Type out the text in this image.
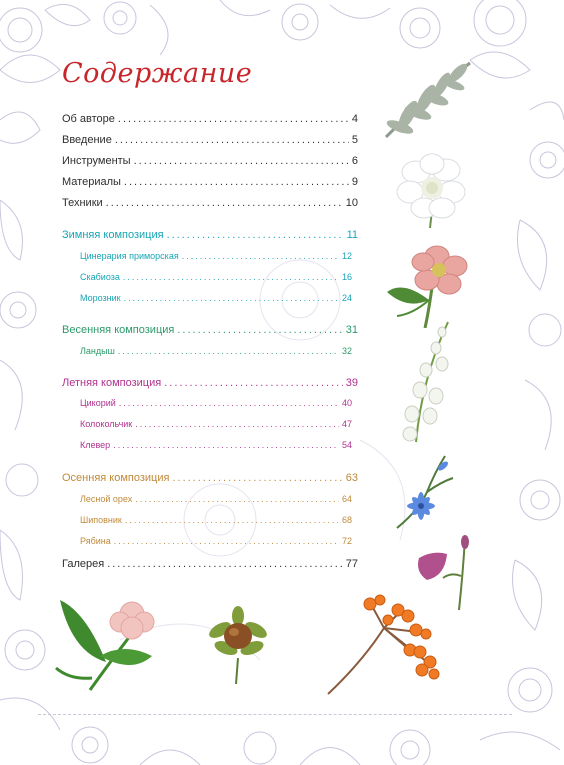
Содержание
Об авторе .....	4
Введение .....	5
Инструменты .....	6
Материалы .....	9
Техники .....	10
Зимняя композиция .....	11
Цинерария приморская .....	12
Скабиоза .....	16
Морозник .....	24
Весенняя композиция .....	31
Ландыш .....	32
Летняя композиция .....	39
Цикорий .....	40
Колокольчик .....	47
Клевер .....	54
Осенняя композиция .....	63
Лесной орех .....	64
Шиповник .....	68
Рябина .....	72
Галерея .....	77
